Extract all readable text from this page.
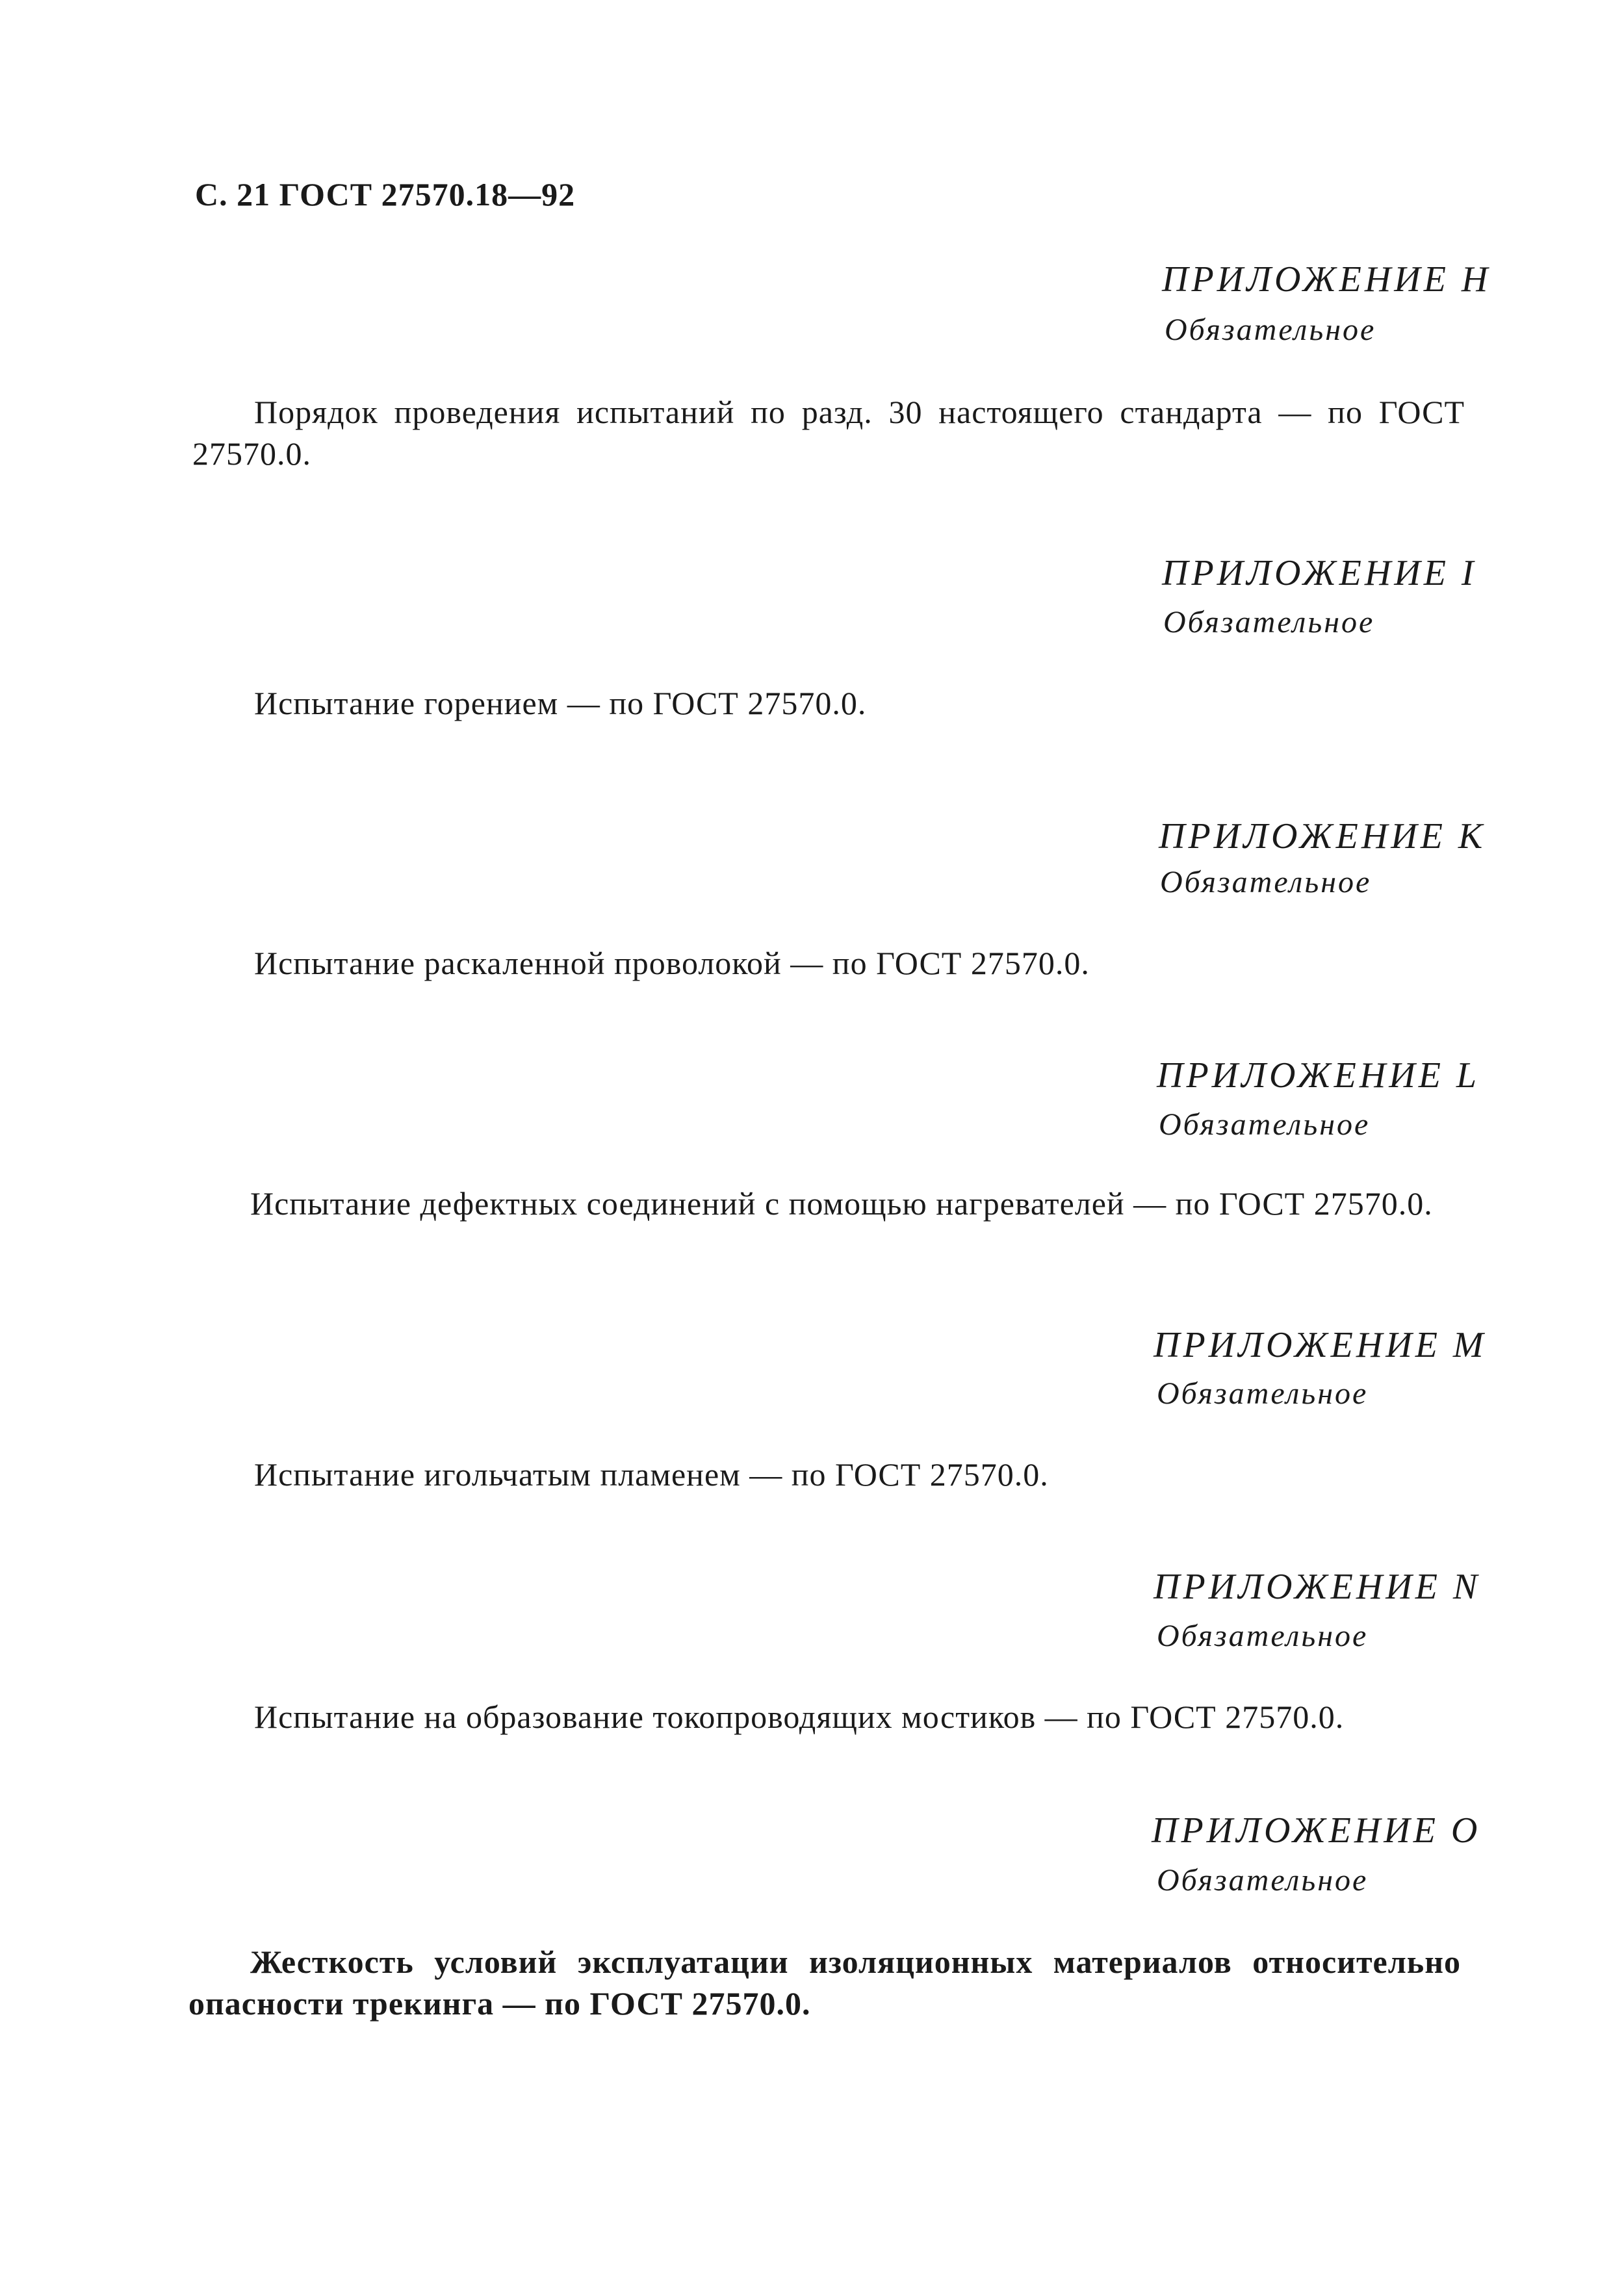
С. 21 ГОСТ 27570.18—92
ПРИЛОЖЕНИЕ Н
Обязательное

Порядок проведения испытаний по разд. 30 настоящего стандарта — по ГОСТ 27570.0.

ПРИЛОЖЕНИЕ I
Обязательное

Испытание горением — по ГОСТ 27570.0.

ПРИЛОЖЕНИЕ К
Обязательное

Испытание раскаленной проволокой — по ГОСТ 27570.0.

ПРИЛОЖЕНИЕ L
Обязательное

Испытание дефектных соединений с помощью нагревателей — по ГОСТ 27570.0.

ПРИЛОЖЕНИЕ M
Обязательное

Испытание игольчатым пламенем — по ГОСТ 27570.0.

ПРИЛОЖЕНИЕ N
Обязательное

Испытание на образование токопроводящих мостиков — по ГОСТ 27570.0.

ПРИЛОЖЕНИЕ О
Обязательное

Жесткость условий эксплуатации изоляционных материалов относительно опасности трекинга — по ГОСТ 27570.0.
